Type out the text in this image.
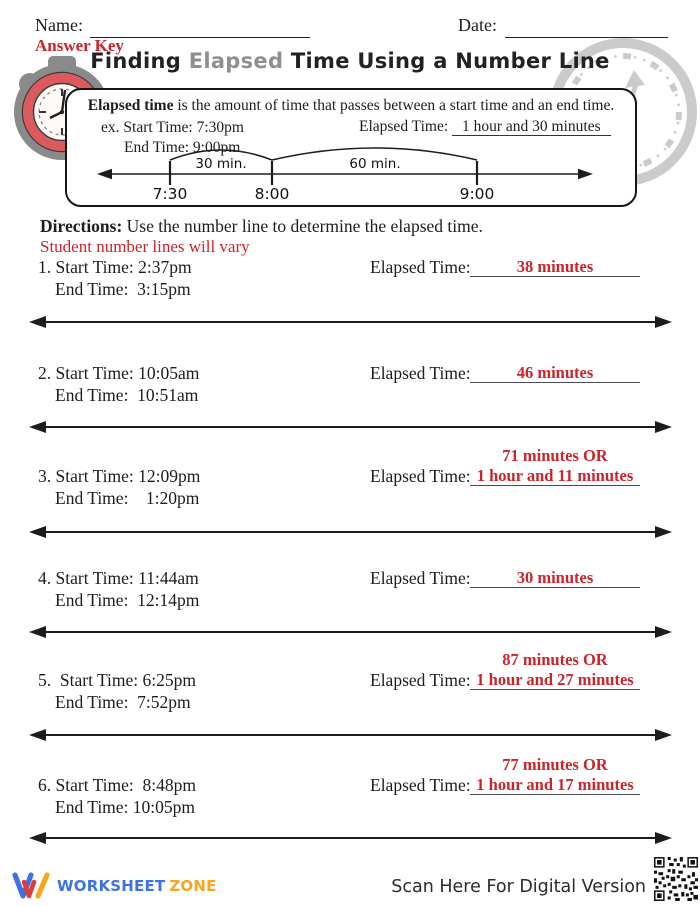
Name:	Date:
Answer Key
Finding Elapsed Time Using a Number Line
Elapsed time is the amount of time that passes between a start time and an end time.
ex. Start Time: 7:30pm
End Time: 9:00pm
Elapsed Time: 1 hour and 30 minutes
30 min.	60 min.
7:30	8:00	9:00
Directions: Use the number line to determine the elapsed time.
Student number lines will vary
1. Start Time: 2:37pm
End Time:  3:15pm
Elapsed Time:	38 minutes
2. Start Time: 10:05am
End Time:  10:51am
Elapsed Time:	46 minutes
3. Start Time: 12:09pm
End Time:    1:20pm
Elapsed Time:
71 minutes OR
1 hour and 11 minutes
4. Start Time: 11:44am
End Time:  12:14pm
Elapsed Time:	30 minutes
5.  Start Time: 6:25pm
End Time:  7:52pm
Elapsed Time:
87 minutes OR
1 hour and 27 minutes
6. Start Time:  8:48pm
End Time: 10:05pm
Elapsed Time:
77 minutes OR
1 hour and 17 minutes
WORKSHEET ZONE	Scan Here For Digital Version
